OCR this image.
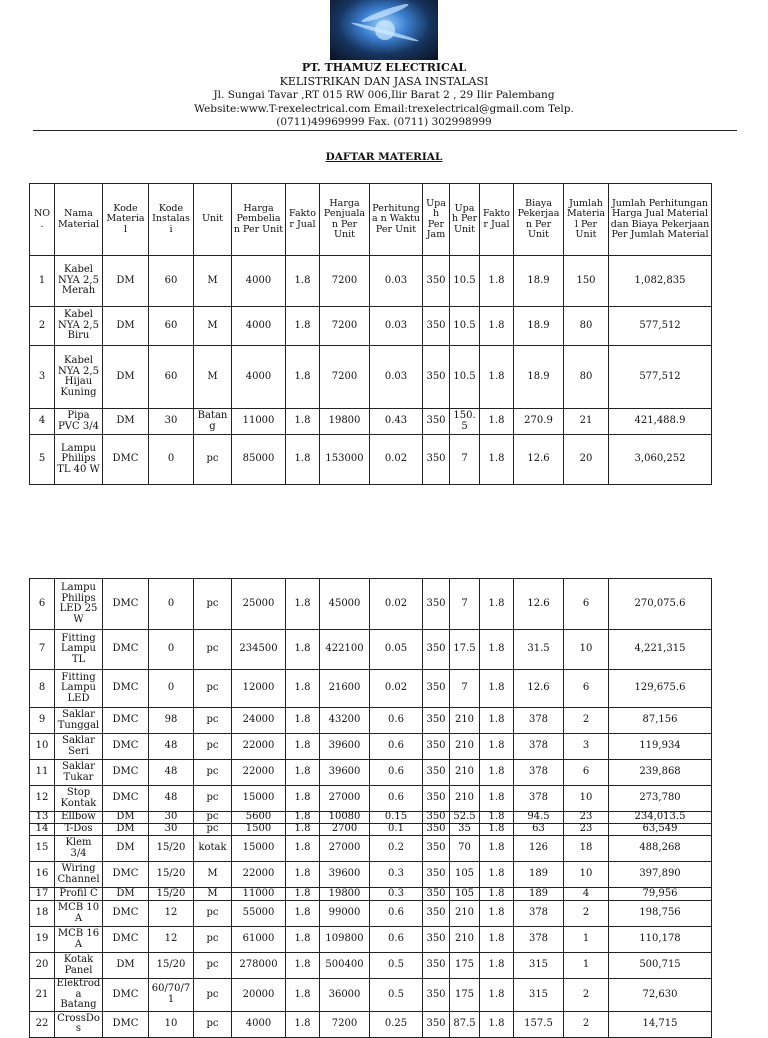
PT. THAMUZ ELECTRICAL
KELISTRIKAN DAN JASA INSTALASI
Jl. Sungai Tavar ,RT 015 RW 006,Ilir Barat 2 , 29 Ilir Palembang
Website:www.T-rexelectrical.com Email:trexelectrical@gmail.com Telp.
(0711)49969999 Fax. (0711) 302998999
DAFTAR MATERIAL
NO .	Nama Material	Kode Materia l	Kode Instalas i	Unit	Harga Pembelia n Per Unit	Fakto r Jual	Harga Penjuala n Per Unit	Perhitunga n Waktu Per Unit	Upa h Per Jam	Upa h Per Unit	Fakto r Jual	Biaya Pekerjaa n Per Unit	Jumlah Materia l Per Unit	Jumlah Perhitungan Harga Jual Material dan Biaya Pekerjaan Per Jumlah Material
1	Kabel NYA 2,5 Merah	DM	60	M	4000	1.8	7200	0.03	350	10.5	1.8	18.9	150	1,082,835
2	Kabel NYA 2,5 Biru	DM	60	M	4000	1.8	7200	0.03	350	10.5	1.8	18.9	80	577,512
3	Kabel NYA 2,5 Hijau Kuning	DM	60	M	4000	1.8	7200	0.03	350	10.5	1.8	18.9	80	577,512
4	Pipa PVC 3/4	DM	30	Batan g	11000	1.8	19800	0.43	350	150. 5	1.8	270.9	21	421,488.9
5	Lampu Philips TL 40 W	DMC	0	pc	85000	1.8	153000	0.02	350	7	1.8	12.6	20	3,060,252
6	Lampu Philips LED 25 W	DMC	0	pc	25000	1.8	45000	0.02	350	7	1.8	12.6	6	270,075.6
7	Fitting Lampu TL	DMC	0	pc	234500	1.8	422100	0.05	350	17.5	1.8	31.5	10	4,221,315
8	Fitting Lampu LED	DMC	0	pc	12000	1.8	21600	0.02	350	7	1.8	12.6	6	129,675.6
9	Saklar Tunggal	DMC	98	pc	24000	1.8	43200	0.6	350	210	1.8	378	2	87,156
10	Saklar Seri	DMC	48	pc	22000	1.8	39600	0.6	350	210	1.8	378	3	119,934
11	Saklar Tukar	DMC	48	pc	22000	1.8	39600	0.6	350	210	1.8	378	6	239,868
12	Stop Kontak	DMC	48	pc	15000	1.8	27000	0.6	350	210	1.8	378	10	273,780
13	Ellbow	DM	30	pc	5600	1.8	10080	0.15	350	52.5	1.8	94.5	23	234,013.5
14	T-Dos	DM	30	pc	1500	1.8	2700	0.1	350	35	1.8	63	23	63,549
15	Klem 3/4	DM	15/20	kotak	15000	1.8	27000	0.2	350	70	1.8	126	18	488,268
16	Wiring Channel	DMC	15/20	M	22000	1.8	39600	0.3	350	105	1.8	189	10	397,890
17	Profil C	DM	15/20	M	11000	1.8	19800	0.3	350	105	1.8	189	4	79,956
18	MCB 10 A	DMC	12	pc	55000	1.8	99000	0.6	350	210	1.8	378	2	198,756
19	MCB 16 A	DMC	12	pc	61000	1.8	109800	0.6	350	210	1.8	378	1	110,178
20	Kotak Panel	DM	15/20	pc	278000	1.8	500400	0.5	350	175	1.8	315	1	500,715
21	Elektrod a Batang	DMC	60/70/7 1	pc	20000	1.8	36000	0.5	350	175	1.8	315	2	72,630
22	CrossDos	DMC	10	pc	4000	1.8	7200	0.25	350	87.5	1.8	157.5	2	14,715
